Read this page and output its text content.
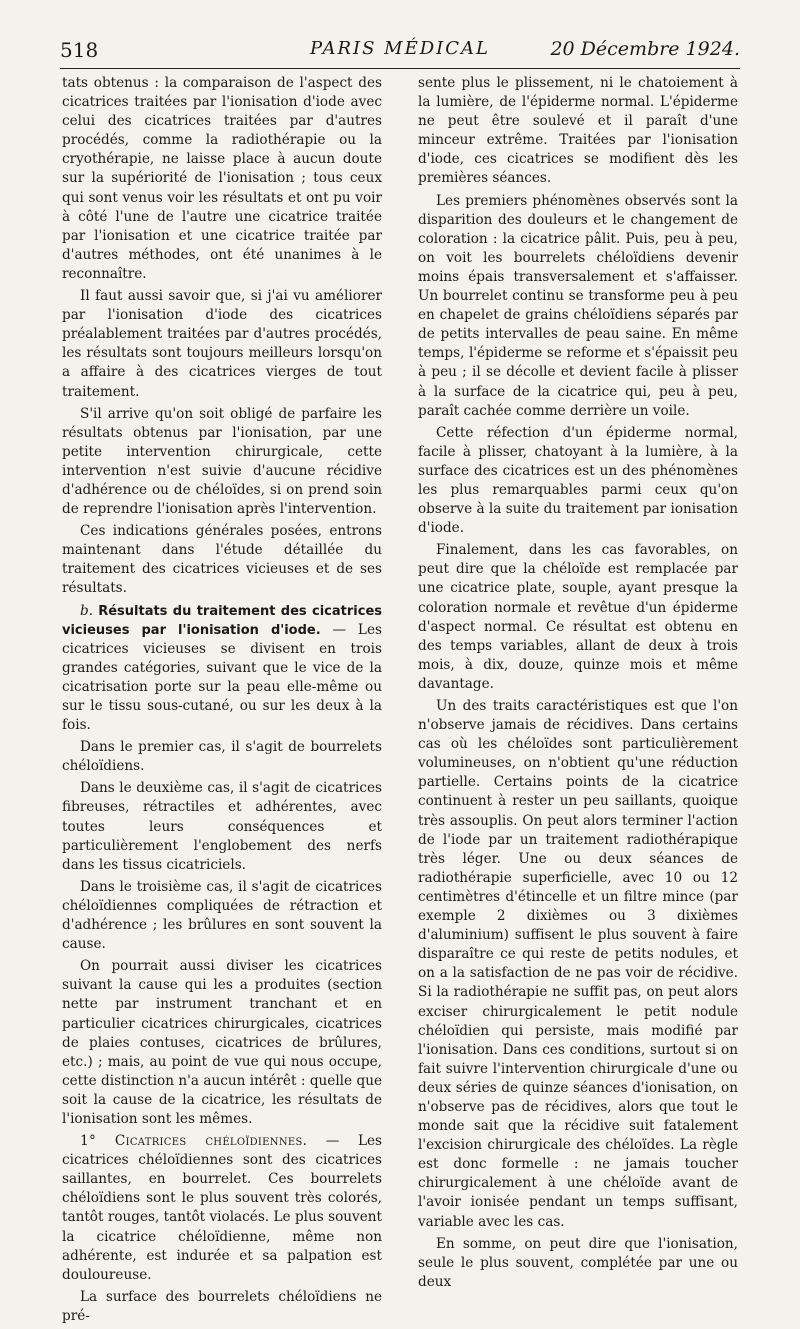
518	PARIS MÉDICAL	20 Décembre 1924.

tats obtenus : la comparaison de l'aspect des cicatrices traitées par l'ionisation d'iode avec celui des cicatrices traitées par d'autres procédés, comme la radiothérapie ou la cryothérapie, ne laisse place à aucun doute sur la supériorité de l'ionisation ; tous ceux qui sont venus voir les résultats et ont pu voir à côté l'une de l'autre une cicatrice traitée par l'ionisation et une cicatrice traitée par d'autres méthodes, ont été unanimes à le reconnaître.

Il faut aussi savoir que, si j'ai vu améliorer par l'ionisation d'iode des cicatrices préalablement traitées par d'autres procédés, les résultats sont toujours meilleurs lorsqu'on a affaire à des cicatrices vierges de tout traitement.

S'il arrive qu'on soit obligé de parfaire les résultats obtenus par l'ionisation, par une petite intervention chirurgicale, cette intervention n'est suivie d'aucune récidive d'adhérence ou de chéloïdes, si on prend soin de reprendre l'ionisation après l'intervention.

Ces indications générales posées, entrons maintenant dans l'étude détaillée du traitement des cicatrices vicieuses et de ses résultats.

b. Résultats du traitement des cicatrices vicieuses par l'ionisation d'iode. — Les cicatrices vicieuses se divisent en trois grandes catégories, suivant que le vice de la cicatrisation porte sur la peau elle-même ou sur le tissu sous-cutané, ou sur les deux à la fois.

Dans le premier cas, il s'agit de bourrelets chéloïdiens.

Dans le deuxième cas, il s'agit de cicatrices fibreuses, rétractiles et adhérentes, avec toutes leurs conséquences et particulièrement l'englobement des nerfs dans les tissus cicatriciels.

Dans le troisième cas, il s'agit de cicatrices chéloïdiennes compliquées de rétraction et d'adhérence ; les brûlures en sont souvent la cause.

On pourrait aussi diviser les cicatrices suivant la cause qui les a produites (section nette par instrument tranchant et en particulier cicatrices chirurgicales, cicatrices de plaies contuses, cicatrices de brûlures, etc.) ; mais, au point de vue qui nous occupe, cette distinction n'a aucun intérêt : quelle que soit la cause de la cicatrice, les résultats de l'ionisation sont les mêmes.

1° Cicatrices chéloïdiennes. — Les cicatrices chéloïdiennes sont des cicatrices saillantes, en bourrelet. Ces bourrelets chéloïdiens sont le plus souvent très colorés, tantôt rouges, tantôt violacés. Le plus souvent la cicatrice chéloïdienne, même non adhérente, est indurée et sa palpation est douloureuse.

La surface des bourrelets chéloïdiens ne pré-

sente plus le plissement, ni le chatoiement à la lumière, de l'épiderme normal. L'épiderme ne peut être soulevé et il paraît d'une minceur extrême. Traitées par l'ionisation d'iode, ces cicatrices se modifient dès les premières séances.

Les premiers phénomènes observés sont la disparition des douleurs et le changement de coloration : la cicatrice pâlit. Puis, peu à peu, on voit les bourrelets chéloïdiens devenir moins épais transversalement et s'affaisser. Un bourrelet continu se transforme peu à peu en chapelet de grains chéloïdiens séparés par de petits intervalles de peau saine. En même temps, l'épiderme se reforme et s'épaissit peu à peu ; il se décolle et devient facile à plisser à la surface de la cicatrice qui, peu à peu, paraît cachée comme derrière un voile.

Cette réfection d'un épiderme normal, facile à plisser, chatoyant à la lumière, à la surface des cicatrices est un des phénomènes les plus remarquables parmi ceux qu'on observe à la suite du traitement par ionisation d'iode.

Finalement, dans les cas favorables, on peut dire que la chéloïde est remplacée par une cicatrice plate, souple, ayant presque la coloration normale et revêtue d'un épiderme d'aspect normal. Ce résultat est obtenu en des temps variables, allant de deux à trois mois, à dix, douze, quinze mois et même davantage.

Un des traits caractéristiques est que l'on n'observe jamais de récidives. Dans certains cas où les chéloïdes sont particulièrement volumineuses, on n'obtient qu'une réduction partielle. Certains points de la cicatrice continuent à rester un peu saillants, quoique très assouplis. On peut alors terminer l'action de l'iode par un traitement radiothérapique très léger. Une ou deux séances de radiothérapie superficielle, avec 10 ou 12 centimètres d'étincelle et un filtre mince (par exemple 2 dixièmes ou 3 dixièmes d'aluminium) suffisent le plus souvent à faire disparaître ce qui reste de petits nodules, et on a la satisfaction de ne pas voir de récidive. Si la radiothérapie ne suffit pas, on peut alors exciser chirurgicalement le petit nodule chéloïdien qui persiste, mais modifié par l'ionisation. Dans ces conditions, surtout si on fait suivre l'intervention chirurgicale d'une ou deux séries de quinze séances d'ionisation, on n'observe pas de récidives, alors que tout le monde sait que la récidive suit fatalement l'excision chirurgicale des chéloïdes. La règle est donc formelle : ne jamais toucher chirurgicalement à une chéloïde avant de l'avoir ionisée pendant un temps suffisant, variable avec les cas.

En somme, on peut dire que l'ionisation, seule le plus souvent, complétée par une ou deux
